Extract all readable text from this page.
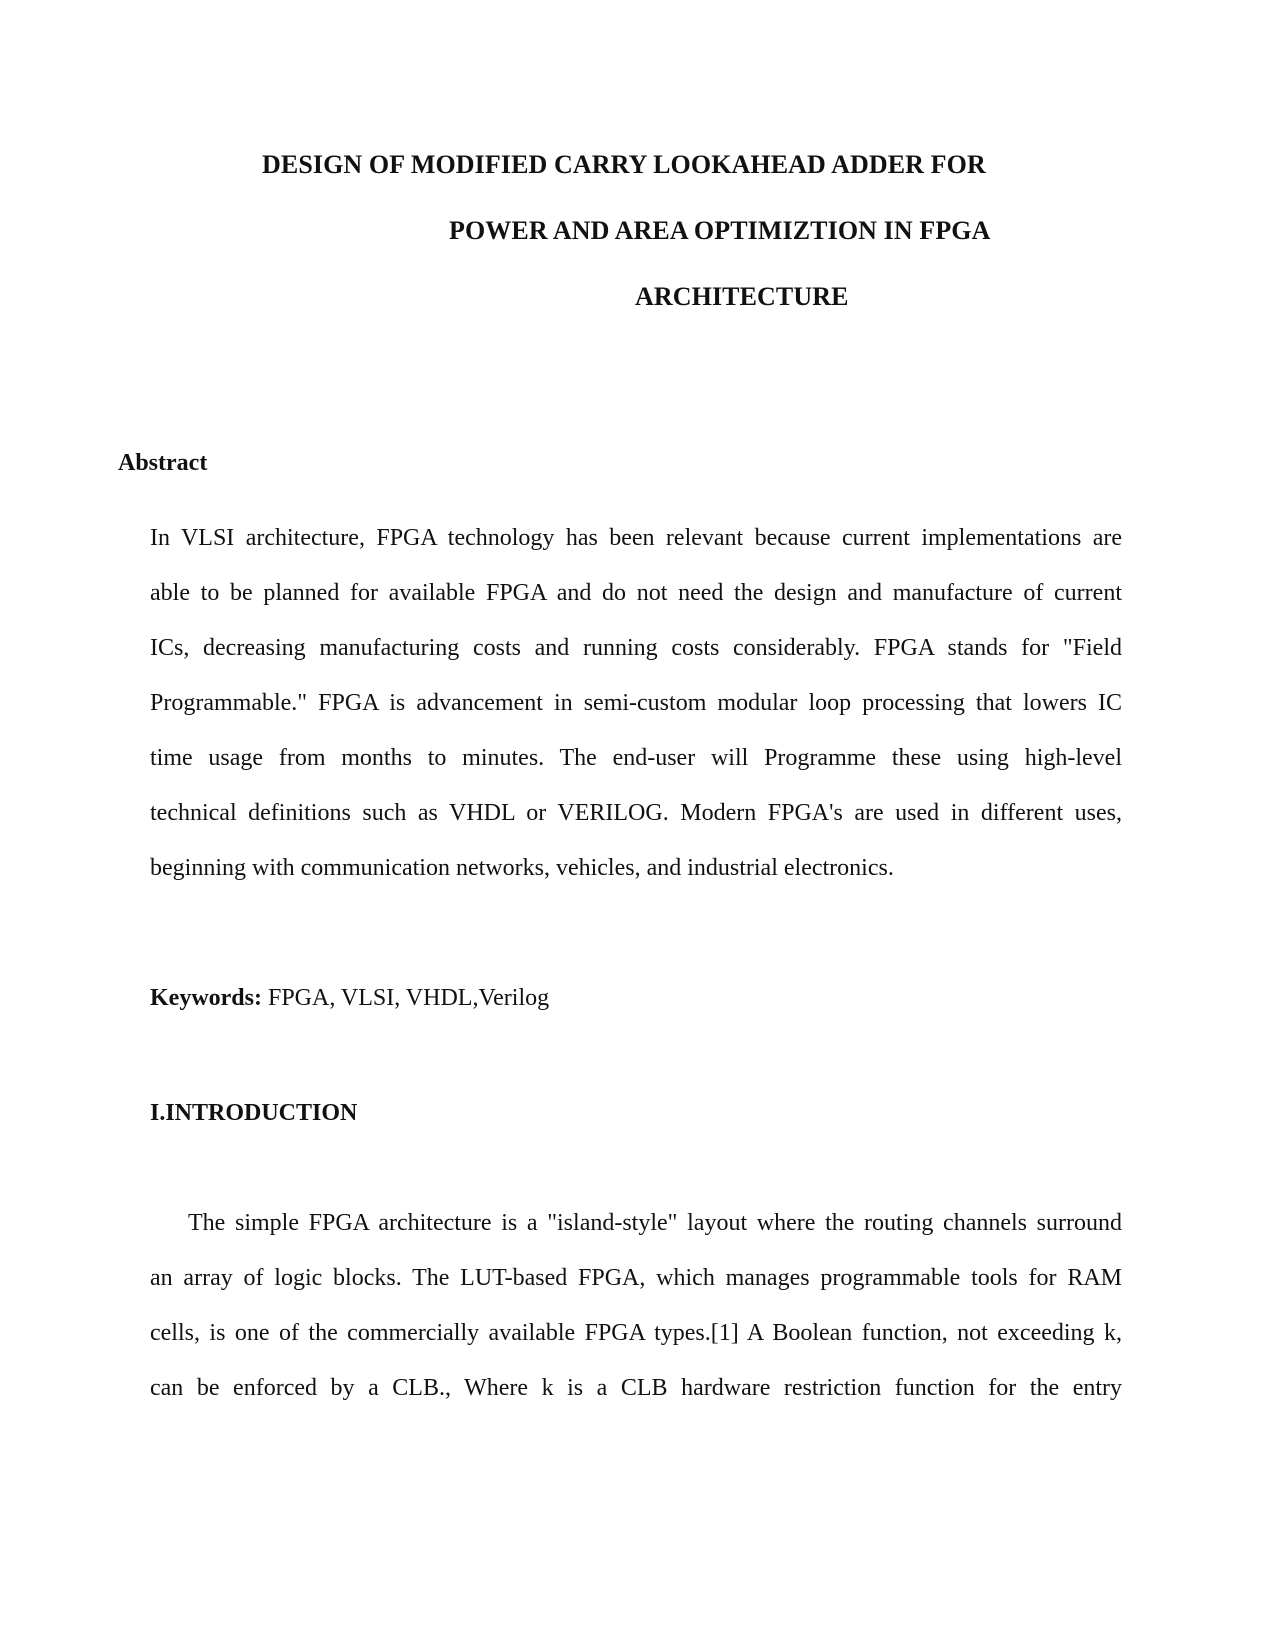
DESIGN OF MODIFIED CARRY LOOKAHEAD ADDER FOR
POWER AND AREA OPTIMIZTION IN FPGA
ARCHITECTURE
Abstract
In VLSI architecture, FPGA technology has been relevant because current implementations are
able to be planned for available FPGA and do not need the design and manufacture of current
ICs, decreasing manufacturing costs and running costs considerably. FPGA stands for "Field
Programmable." FPGA is advancement in semi-custom modular loop processing that lowers IC
time usage from months to minutes. The end-user will Programme these using high-level
technical definitions such as VHDL or VERILOG. Modern FPGA's are used in different uses,
beginning with communication networks, vehicles, and industrial electronics.
Keywords: FPGA, VLSI, VHDL,Verilog
I.INTRODUCTION
The simple FPGA architecture is a "island-style" layout where the routing channels surround
an array of logic blocks. The LUT-based FPGA, which manages programmable tools for RAM
cells, is one of the commercially available FPGA types.[1] A Boolean function, not exceeding k,
can be enforced by a CLB., Where k is a CLB hardware restriction function for the entry
